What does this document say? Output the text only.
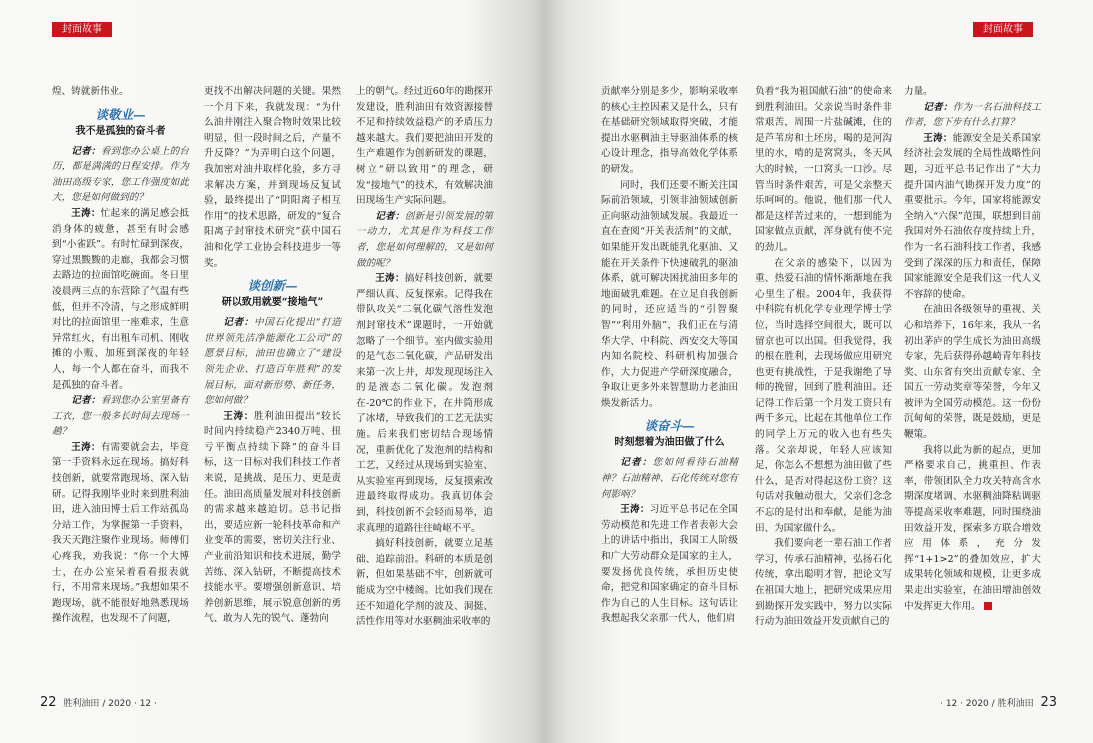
封面故事

煌、铸就新伟业。

谈敬业—
我不是孤独的奋斗者

记者：看到您办公桌上的台历，都是满满的日程安排。作为油田高级专家，您工作强度如此大，您是如何做到的？

王涛：忙起来的满足感会抵消身体的疲惫，甚至有时会感到“小雀跃”。有时忙碌到深夜，穿过黑黢黢的走廊，我都会习惯去路边的拉面馆吃碗面。冬日里凌晨两三点的东营除了气温有些低，但并不冷清，与之形成鲜明对比的拉面馆里一座难求，生意异常红火，有出租车司机、刚收摊的小贩、加班到深夜的年轻人，每一个人都在奋斗，而我不是孤独的奋斗者。

记者：看到您办公室里备有工衣，您一般多长时间去现场一趟？

王涛：有需要就会去，毕竟第一手资料永远在现场。搞好科技创新，就要常跑现场、深入钻研。记得我刚毕业时来到胜利油田，进入油田博士后工作站孤岛分站工作，为掌握第一手资料，我天天跑注聚作业现场。师傅们心疼我，劝我说：“你一个大博士，在办公室呆着看看报表就行，不用常来现场。”我想如果不跑现场，就不能很好地熟悉现场操作流程，也发现不了问题，

更找不出解决问题的关键。果然一个月下来，我就发现：“为什么油井刚注入聚合物时效果比较明显，但一段时间之后，产量不升反降？”为弄明白这个问题，我加密对油井取样化验，多方寻求解决方案，并到现场反复试验，最终提出了“阴阳离子相互作用”的技术思路，研发的“复合阳离子封窜技术研究”获中国石油和化学工业协会科技进步一等奖。

谈创新—
研以致用就要“接地气”

记者：中国石化提出“打造世界领先洁净能源化工公司”的愿景目标，油田也确立了“建设领先企业、打造百年胜利”的发展目标，面对新形势、新任务，您如何做？

王涛：胜利油田提出“较长时间内持续稳产2340万吨、扭亏平衡点持续下降”的奋斗目标，这一目标对我们科技工作者来说，是挑战、是压力、更是责任。油田高质量发展对科技创新的需求越来越迫切。总书记指出，要适应新一轮科技革命和产业变革的需要，密切关注行业、产业前沿知识和技术进展，勤学苦练、深入钻研，不断提高技术技能水平。要增强创新意识、培养创新思维，展示锐意创新的勇气、敢为人先的锐气、蓬勃向

上的朝气。经过近60年的勘探开发建设，胜利油田有效资源接替不足和持续效益稳产的矛盾压力越来越大。我们要把油田开发的生产难题作为创新研发的课题，树立“研以致用”的理念，研发“接地气”的技术，有效解决油田现场生产实际问题。

记者：创新是引领发展的第一动力，尤其是作为科技工作者，您是如何理解的，又是如何做的呢？

王涛：搞好科技创新，就要严细认真、反复探索。记得我在带队攻关“二氧化碳气溶性发泡剂封窜技术”课题时，一开始就忽略了一个细节。室内做实验用的是气态二氧化碳，产品研发出来第一次上井，却发现现场注入的是液态二氧化碳。发泡剂在-20℃的作业下，在井筒形成了冰堵，导致我们的工艺无法实施。后来我们密切结合现场情况，重新优化了发泡剂的结构和工艺，又经过从现场到实验室、从实验室再到现场，反复摸索改进最终取得成功。我真切体会到，科技创新不会轻而易举，追求真理的道路往往崎岖不平。

搞好科技创新，就要立足基础、追踪前沿。科研的本质是创新，但如果基础不牢，创新就可能成为空中楼阁。比如我们现在还不知道化学剂的波及、洞挺、活性作用等对水驱稠油采收率的

22 胜利油田 / 2020 · 12 ·
封面故事

贡献率分别是多少，影响采收率的核心主控因素又是什么，只有在基础研究领域取得突破，才能提出水驱稠油主导驱油体系的核心设计理念，指导高效化学体系的研发。

同时，我们还要不断关注国际前沿领域，引领非油领域创新正向驱动油领域发展。我最近一直在查阅“开关表活剂”的文献，如果能开发出既能乳化驱油、又能在开关条件下快速破乳的驱油体系，就可解决困扰油田多年的地面破乳难题。在立足自我创新的同时，还应适当的“引智聚智”“利用外脑”，我们正在与清华大学、中科院、西安交大等国内知名院校、科研机构加强合作，大力促进产学研深度融合，争取让更多外来智慧助力老油田焕发新活力。

谈奋斗—
时刻想着为油田做了什么

记者：您如何看待石油精神？石油精神、石化传统对您有何影响？

王涛：习近平总书记在全国劳动模范和先进工作者表彰大会上的讲话中指出，我国工人阶级和广大劳动群众是国家的主人，要发扬优良传统，承担历史使命，把党和国家确定的奋斗目标作为自己的人生目标。这句话让我想起我父亲那一代人，他们肩

负着“我为祖国献石油”的使命来到胜利油田。父亲说当时条件非常艰苦，周围一片盐碱滩，住的是芦苇房和土坯房，喝的是河沟里的水，啃的是窝窝头，冬天风大的时候，一口窝头一口沙。尽管当时条件艰苦，可是父亲整天乐呵呵的。他说，他们那一代人都是这样苦过来的，一想到能为国家做点贡献，浑身就有使不完的劲儿。

在父亲的感染下，以因为重、热爱石油的情怀渐渐地在我心里生了根。2004年，我获得中科院有机化学专业理学博士学位，当时选择空间很大，既可以留京也可以出国。但我觉得，我的根在胜利，去现场做应用研究也更有挑战性，于是我谢绝了导师的挽留，回到了胜利油田。还记得工作后第一个月发工资只有两千多元，比起在其他单位工作的同学上万元的收入也有些失落。父亲却说，年轻人应该知足，你怎么不想想为油田做了些什么，是否对得起这份工资？这句话对我触动很大，父亲们念念不忘的是付出和奉献，是能为油田、为国家做什么。

我们要向老一辈石油工作者学习，传承石油精神，弘扬石化传统，拿出聪明才智，把论文写在祖国大地上，把研究成果应用到勘探开发实践中，努力以实际行动为油田效益开发贡献自己的

力量。

记者：作为一名石油科技工作者，您下步有什么打算？

王涛：能源安全是关系国家经济社会发展的全局性战略性问题，习近平总书记作出了“大力提升国内油气勘探开发力度”的重要批示。今年，国家将能源安全纳入“六保”范围，联想到目前我国对外石油依存度持续上升，作为一名石油科技工作者，我感受到了深深的压力和责任，保障国家能源安全是我们这一代人义不容辞的使命。

在油田各级领导的重视、关心和培养下，16年来，我从一名初出茅庐的学生成长为油田高级专家，先后获得孙越崎青年科技奖、山东省有突出贡献专家、全国五一劳动奖章等荣誉，今年又被评为全国劳动模范。这一份份沉甸甸的荣誉，既是鼓励，更是鞭策。

我将以此为新的起点，更加严格要求自己，挑重担、作表率，带领团队全力攻关特高含水期深度堵调、水驱稠油降粘调驱等提高采收率难题，同时围绕油田效益开发，探索多方联合增效应用体系，充分发挥“1+1>2”的叠加效应，扩大成果转化领域和规模，让更多成果走出实验室，在油田增油创效中发挥更大作用。

· 12 · 2020 / 胜利油田 23
